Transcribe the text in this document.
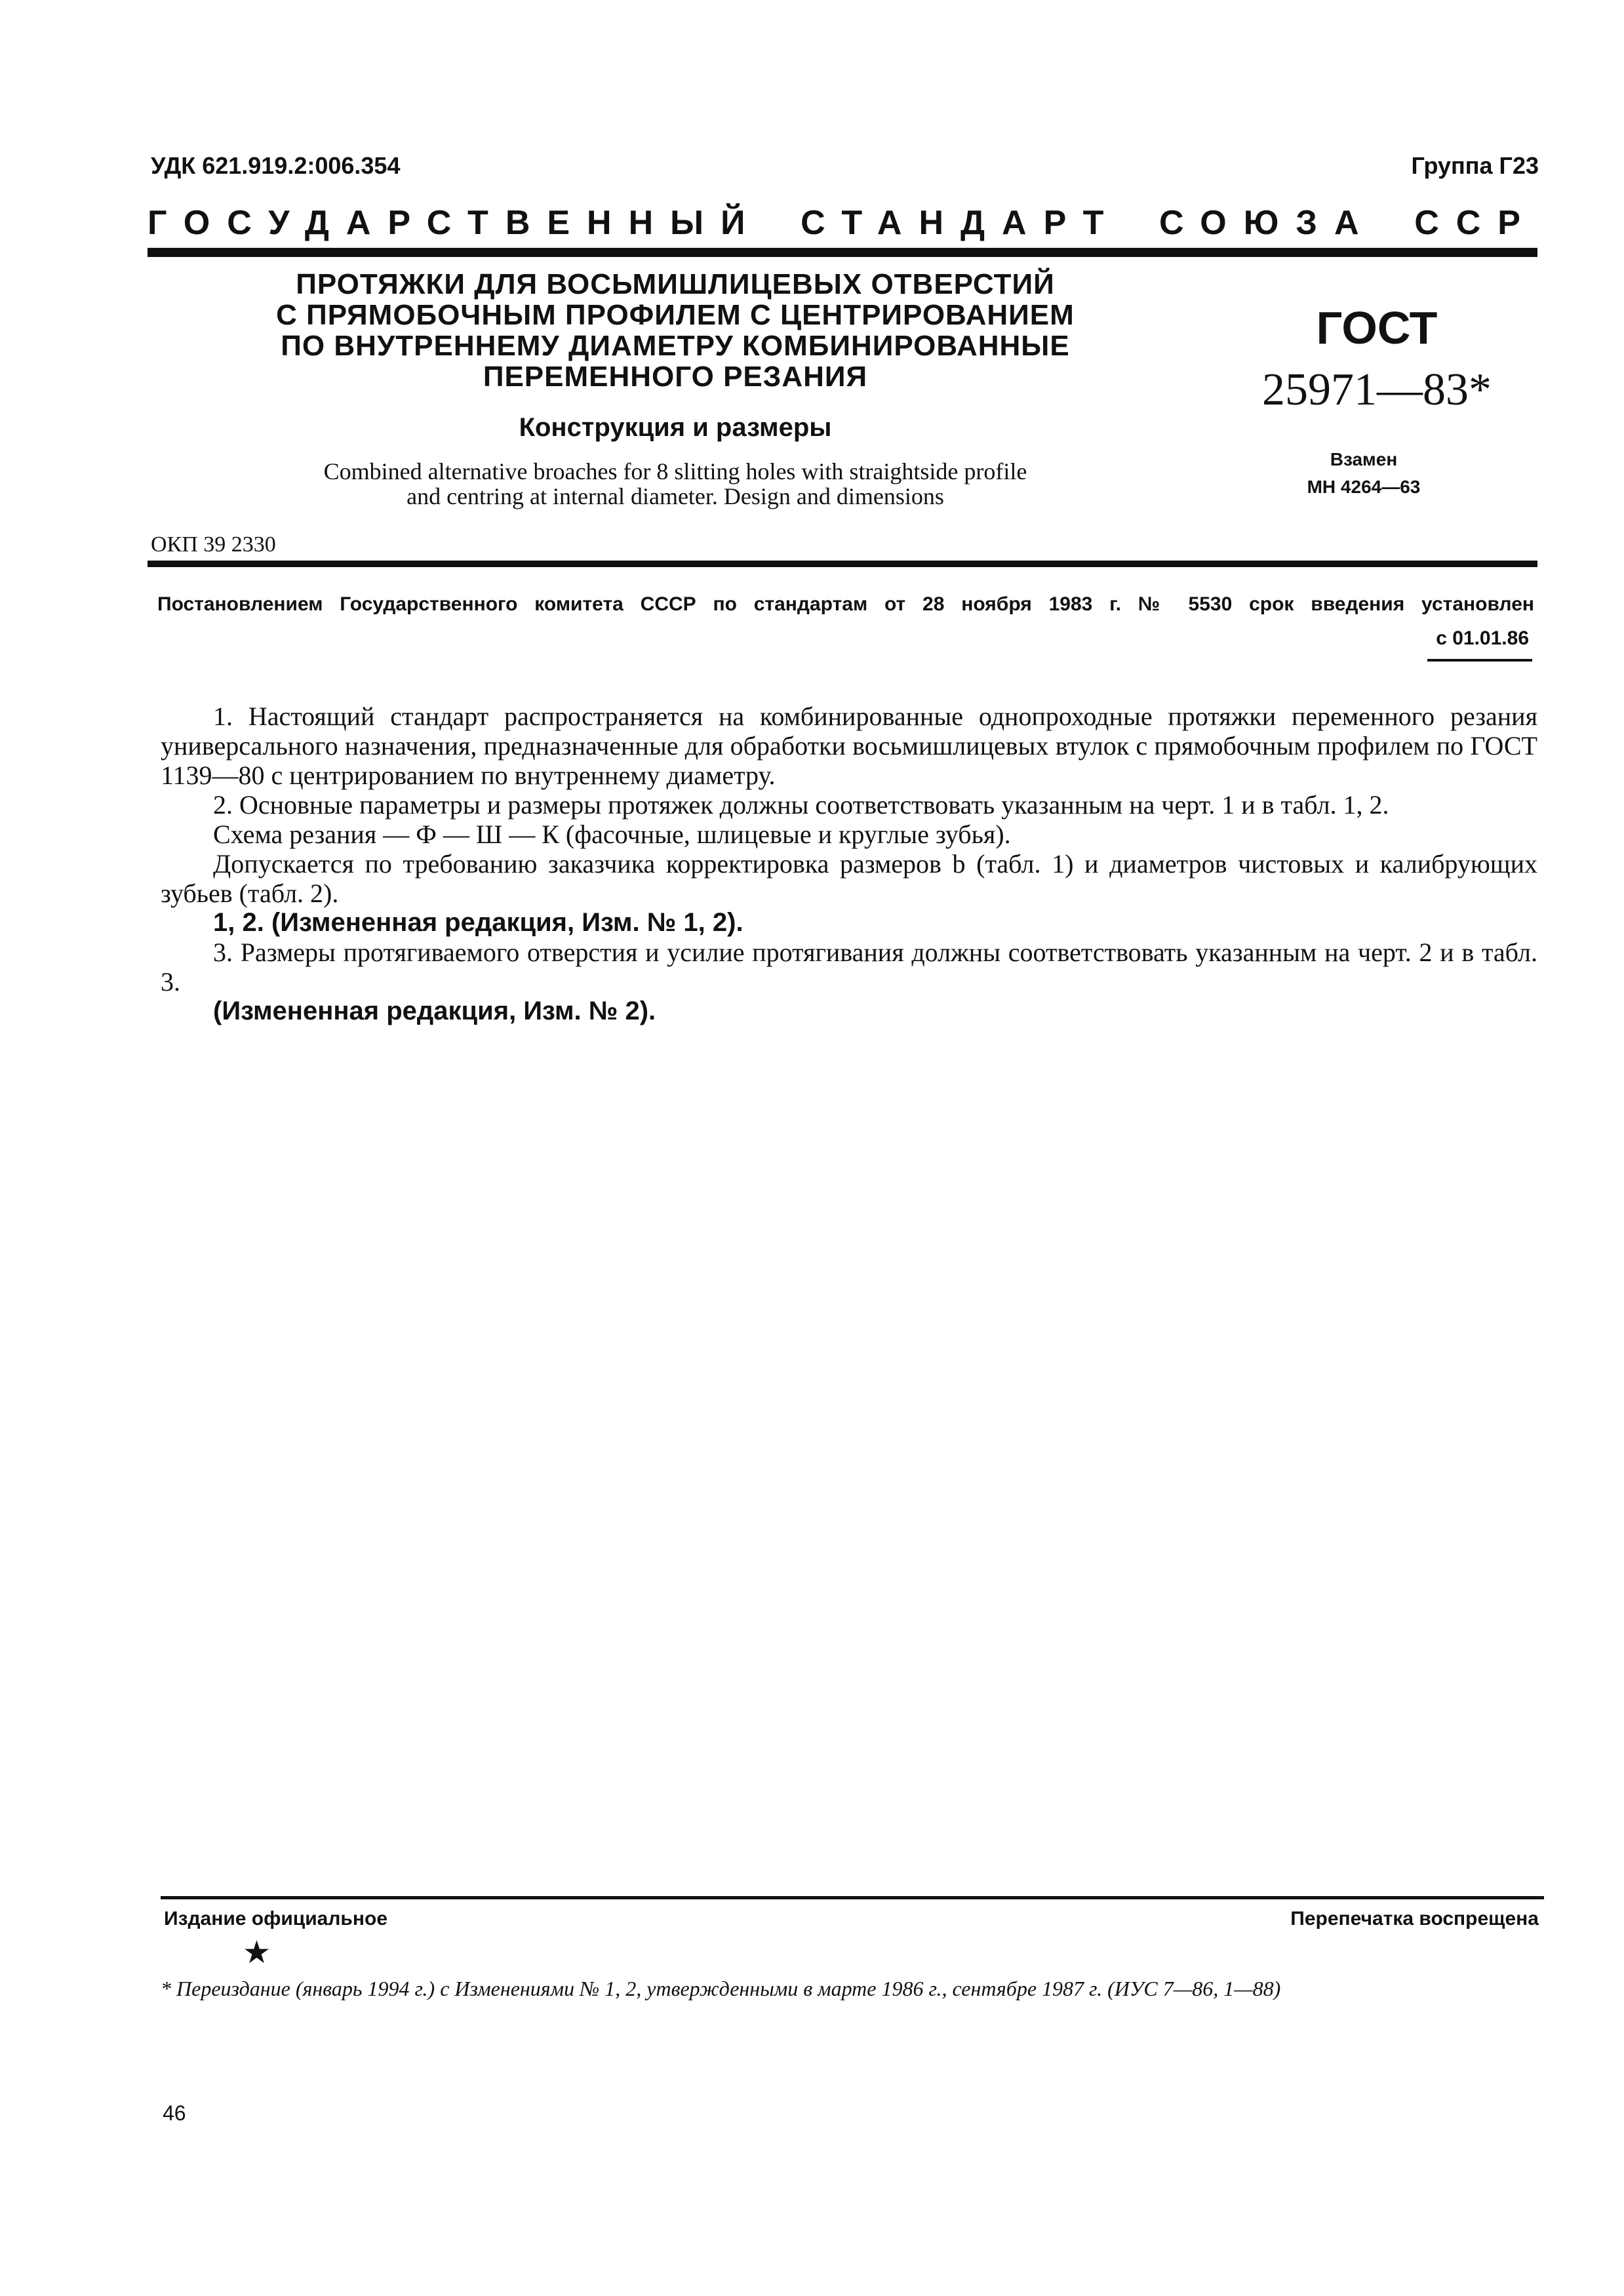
УДК 621.919.2:006.354	Группа Г23
ГОСУДАРСТВЕННЫЙ СТАНДАРТ СОЮЗА ССР
ПРОТЯЖКИ ДЛЯ ВОСЬМИШЛИЦЕВЫХ ОТВЕРСТИЙ
С ПРЯМОБОЧНЫМ ПРОФИЛЕМ С ЦЕНТРИРОВАНИЕМ
ПО ВНУТРЕННЕМУ ДИАМЕТРУ КОМБИНИРОВАННЫЕ
ПЕРЕМЕННОГО РЕЗАНИЯ
Конструкция и размеры
Combined alternative broaches for 8 slitting holes with straightside profile
and centring at internal diameter. Design and dimensions
ГОСТ
25971—83*
Взамен
МН 4264—63
ОКП 39 2330
Постановлением Государственного комитета СССР по стандартам от 28 ноября 1983 г. № 5530 срок введения установлен
с 01.01.86

1. Настоящий стандарт распространяется на комбинированные однопроходные протяжки переменного резания универсального назначения, предназначенные для обработки восьмишлицевых втулок с прямобочным профилем по ГОСТ 1139—80 с центрированием по внутреннему диаметру.

2. Основные параметры и размеры протяжек должны соответствовать указанным на черт. 1 и в табл. 1, 2.

Схема резания — Ф — Ш — К (фасочные, шлицевые и круглые зубья).

Допускается по требованию заказчика корректировка размеров b (табл. 1) и диаметров чистовых и калибрующих зубьев (табл. 2).

1, 2. (Измененная редакция, Изм. № 1, 2).

3. Размеры протягиваемого отверстия и усилие протягивания должны соответствовать указанным на черт. 2 и в табл. 3.

(Измененная редакция, Изм. № 2).

Издание официальное	Перепечатка воспрещена
★
* Переиздание (январь 1994 г.) с Изменениями № 1, 2, утвержденными в марте 1986 г., сентябре 1987 г. (ИУС 7—86, 1—88)
46
